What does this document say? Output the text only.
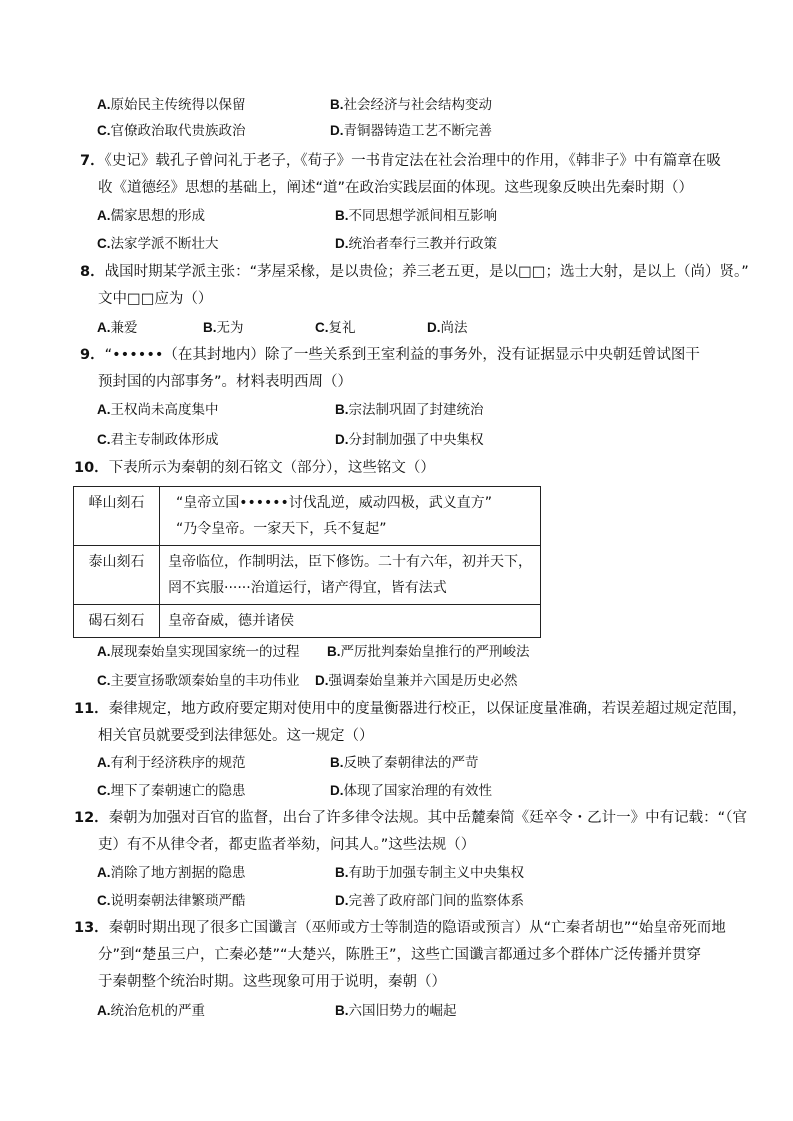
A.原始民主传统得以保留	B.社会经济与社会结构变动
C.官僚政治取代贵族政治	D.青铜器铸造工艺不断完善
7．《史记》载孔子曾问礼于老子，《荀子》一书肯定法在社会治理中的作用，《韩非子》中有篇章在吸
收《道德经》思想的基础上，阐述“道”在政治实践层面的体现。这些现象反映出先秦时期（）
A.儒家思想的形成	B.不同思想学派间相互影响
C.法家学派不断壮大	D.统治者奉行三教并行政策
8．战国时期某学派主张：“茅屋采椽，是以贵俭；养三老五更，是以□□；选士大射，是以上（尚）贤。”
文中□□应为（）
A.兼爱	B.无为	C.复礼	D.尚法
9．“••••••（在其封地内）除了一些关系到王室利益的事务外，没有证据显示中央朝廷曾试图干
预封国的内部事务”。材料表明西周（）
A.王权尚未高度集中	B.宗法制巩固了封建统治
C.君主专制政体形成	D.分封制加强了中央集权
10．下表所示为秦朝的刻石铭文（部分），这些铭文（）
峄山刻石	“皇帝立国••••••讨伐乱逆，威动四极，武义直方”
“乃令皇帝。一家天下，兵不复起”

泰山刻石	皇帝临位，作制明法，臣下修饬。二十有六年，初并天下，
罔不宾服······治道运行，诸产得宜，皆有法式

碣石刻石	皇帝奋威，德并诸侯
A.展现秦始皇实现国家统一的过程 B.严厉批判秦始皇推行的严刑峻法
C.主要宣扬歌颂秦始皇的丰功伟业 D.强调秦始皇兼并六国是历史必然
11．秦律规定，地方政府要定期对使用中的度量衡器进行校正，以保证度量准确，若误差超过规定范围，
相关官员就要受到法律惩处。这一规定（）
A.有利于经济秩序的规范	B.反映了秦朝律法的严苛
C.埋下了秦朝速亡的隐患	D.体现了国家治理的有效性
12．秦朝为加强对百官的监督，出台了许多律令法规。其中岳麓秦简《廷卒令・乙计一》中有记载：“（官
吏）有不从律令者，都吏监者举劾，问其人。”这些法规（）
A.消除了地方割据的隐患	B.有助于加强专制主义中央集权
C.说明秦朝法律繁琐严酷	D.完善了政府部门间的监察体系
13．秦朝时期出现了很多亡国谶言（巫师或方士等制造的隐语或预言）从“亡秦者胡也”“始皇帝死而地
分”到“楚虽三户，亡秦必楚”“大楚兴，陈胜王”，这些亡国谶言都通过多个群体广泛传播并贯穿
于秦朝整个统治时期。这些现象可用于说明，秦朝（）
A.统治危机的严重	B.六国旧势力的崛起
